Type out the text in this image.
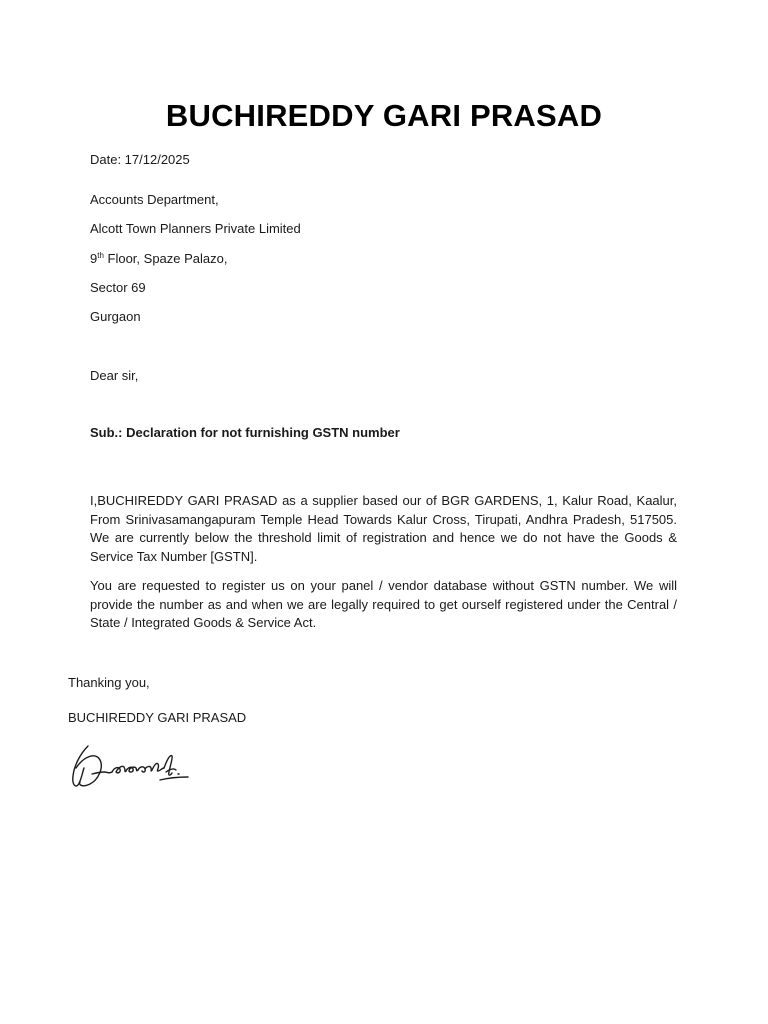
BUCHIREDDY GARI PRASAD
Date: 17/12/2025
Accounts Department,
Alcott Town Planners Private Limited
9th Floor, Spaze Palazo,
Sector 69
Gurgaon
Dear sir,
Sub.: Declaration for not furnishing GSTN number
I,BUCHIREDDY GARI PRASAD as a supplier based our of BGR GARDENS, 1, Kalur Road, Kaalur, From Srinivasamangapuram Temple Head Towards Kalur Cross, Tirupati, Andhra Pradesh, 517505. We are currently below the threshold limit of registration and hence we do not have the Goods & Service Tax Number [GSTN].
You are requested to register us on your panel / vendor database without GSTN number. We will provide the number as and when we are legally required to get ourself registered under the Central / State / Integrated Goods & Service Act.
Thanking you,
BUCHIREDDY GARI PRASAD
